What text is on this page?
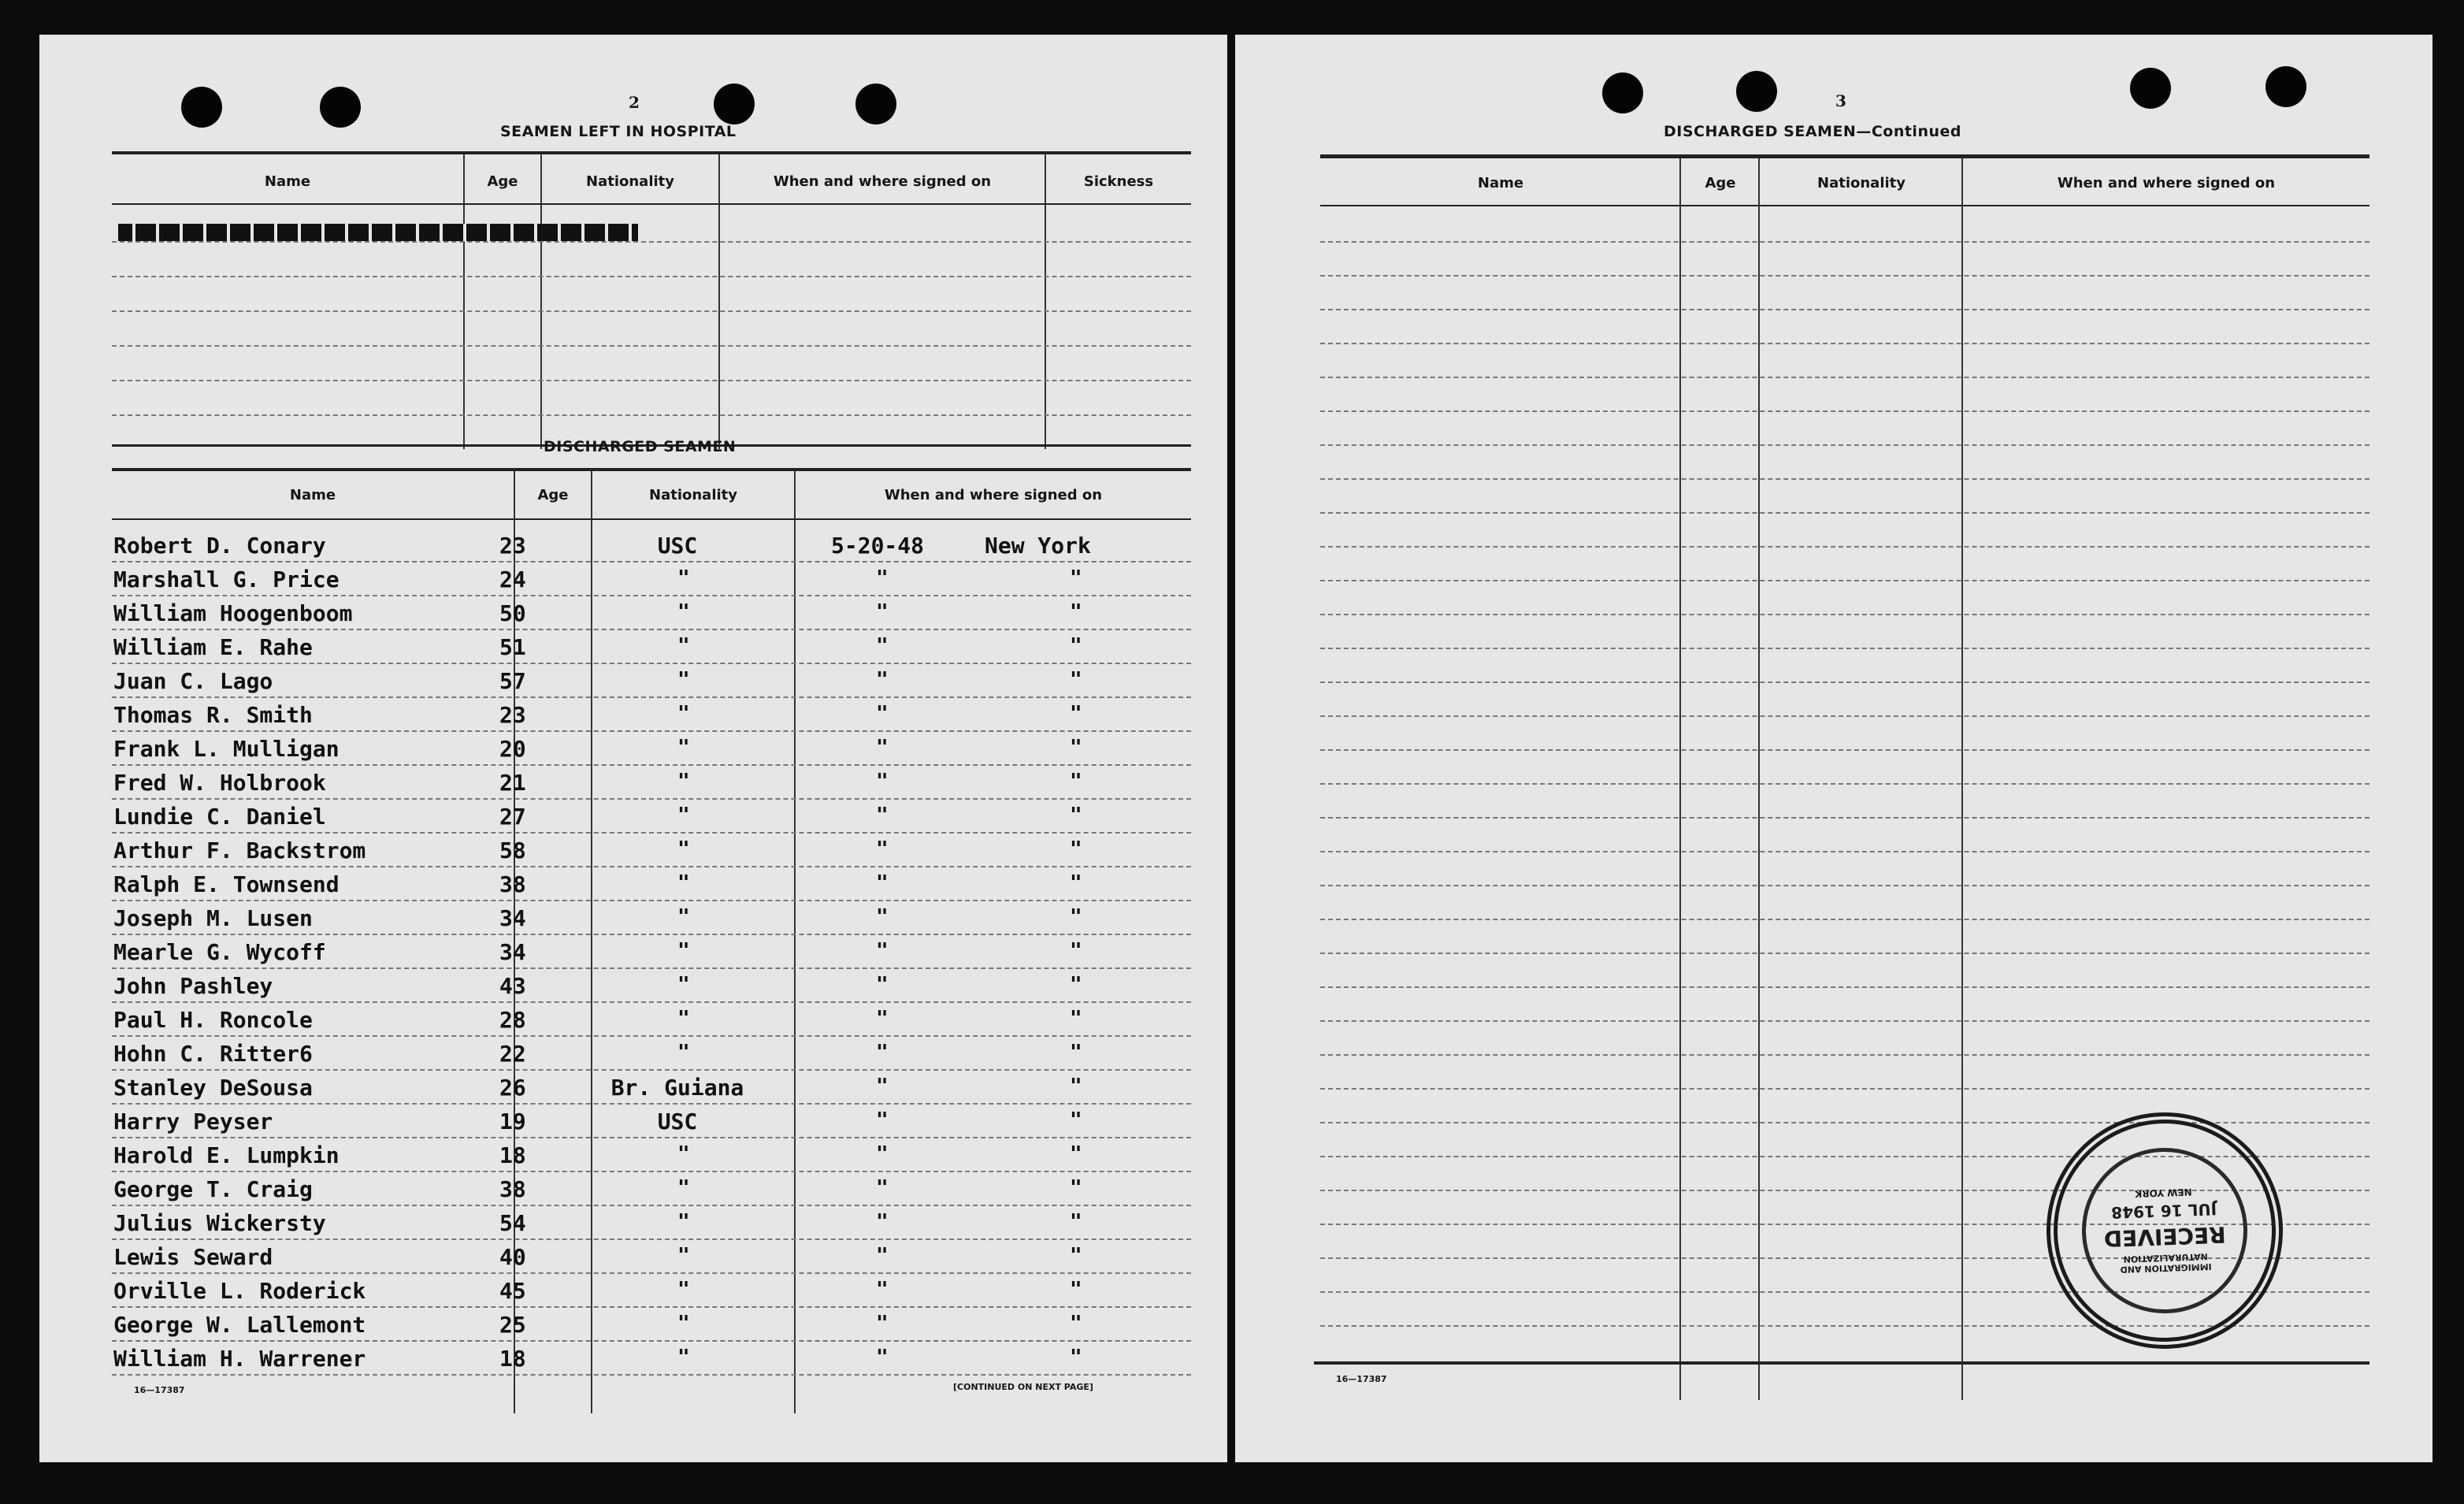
2
SEAMEN LEFT IN HOSPITAL
Name	Age	Nationality	When and where signed on	Sickness
DISCHARGED SEAMEN
Name	Age	Nationality	When and where signed on
Robert D. Conary	23	USC	5-20-48	New York
Marshall G. Price	24	"	"	"
William Hoogenboom	50	"	"	"
William E. Rahe	51	"	"	"
Juan C. Lago	57	"	"	"
Thomas R. Smith	23	"	"	"
Frank L. Mulligan	20	"	"	"
Fred W. Holbrook	21	"	"	"
Lundie C. Daniel	27	"	"	"
Arthur F. Backstrom	58	"	"	"
Ralph E. Townsend	38	"	"	"
Joseph M. Lusen	34	"	"	"
Mearle G. Wycoff	34	"	"	"
John Pashley	43	"	"	"
Paul H. Roncole	28	"	"	"
Hohn C. Ritter6	22	"	"	"
Stanley DeSousa	26	Br. Guiana	"	"
Harry Peyser	19	USC	"	"
Harold E. Lumpkin	18	"	"	"
George T. Craig	38	"	"	"
Julius Wickersty	54	"	"	"
Lewis Seward	40	"	"	"
Orville L. Roderick	45	"	"	"
George W. Lallemont	25	"	"	"
William H. Warrener	18	"	"	"
16—17387	[CONTINUED ON NEXT PAGE]
3
DISCHARGED SEAMEN—Continued
Name	Age	Nationality	When and where signed on
IMMIGRATION AND NATURALIZATION
RECEIVED
JUL 16 1948
NEW YORK
16—17387
